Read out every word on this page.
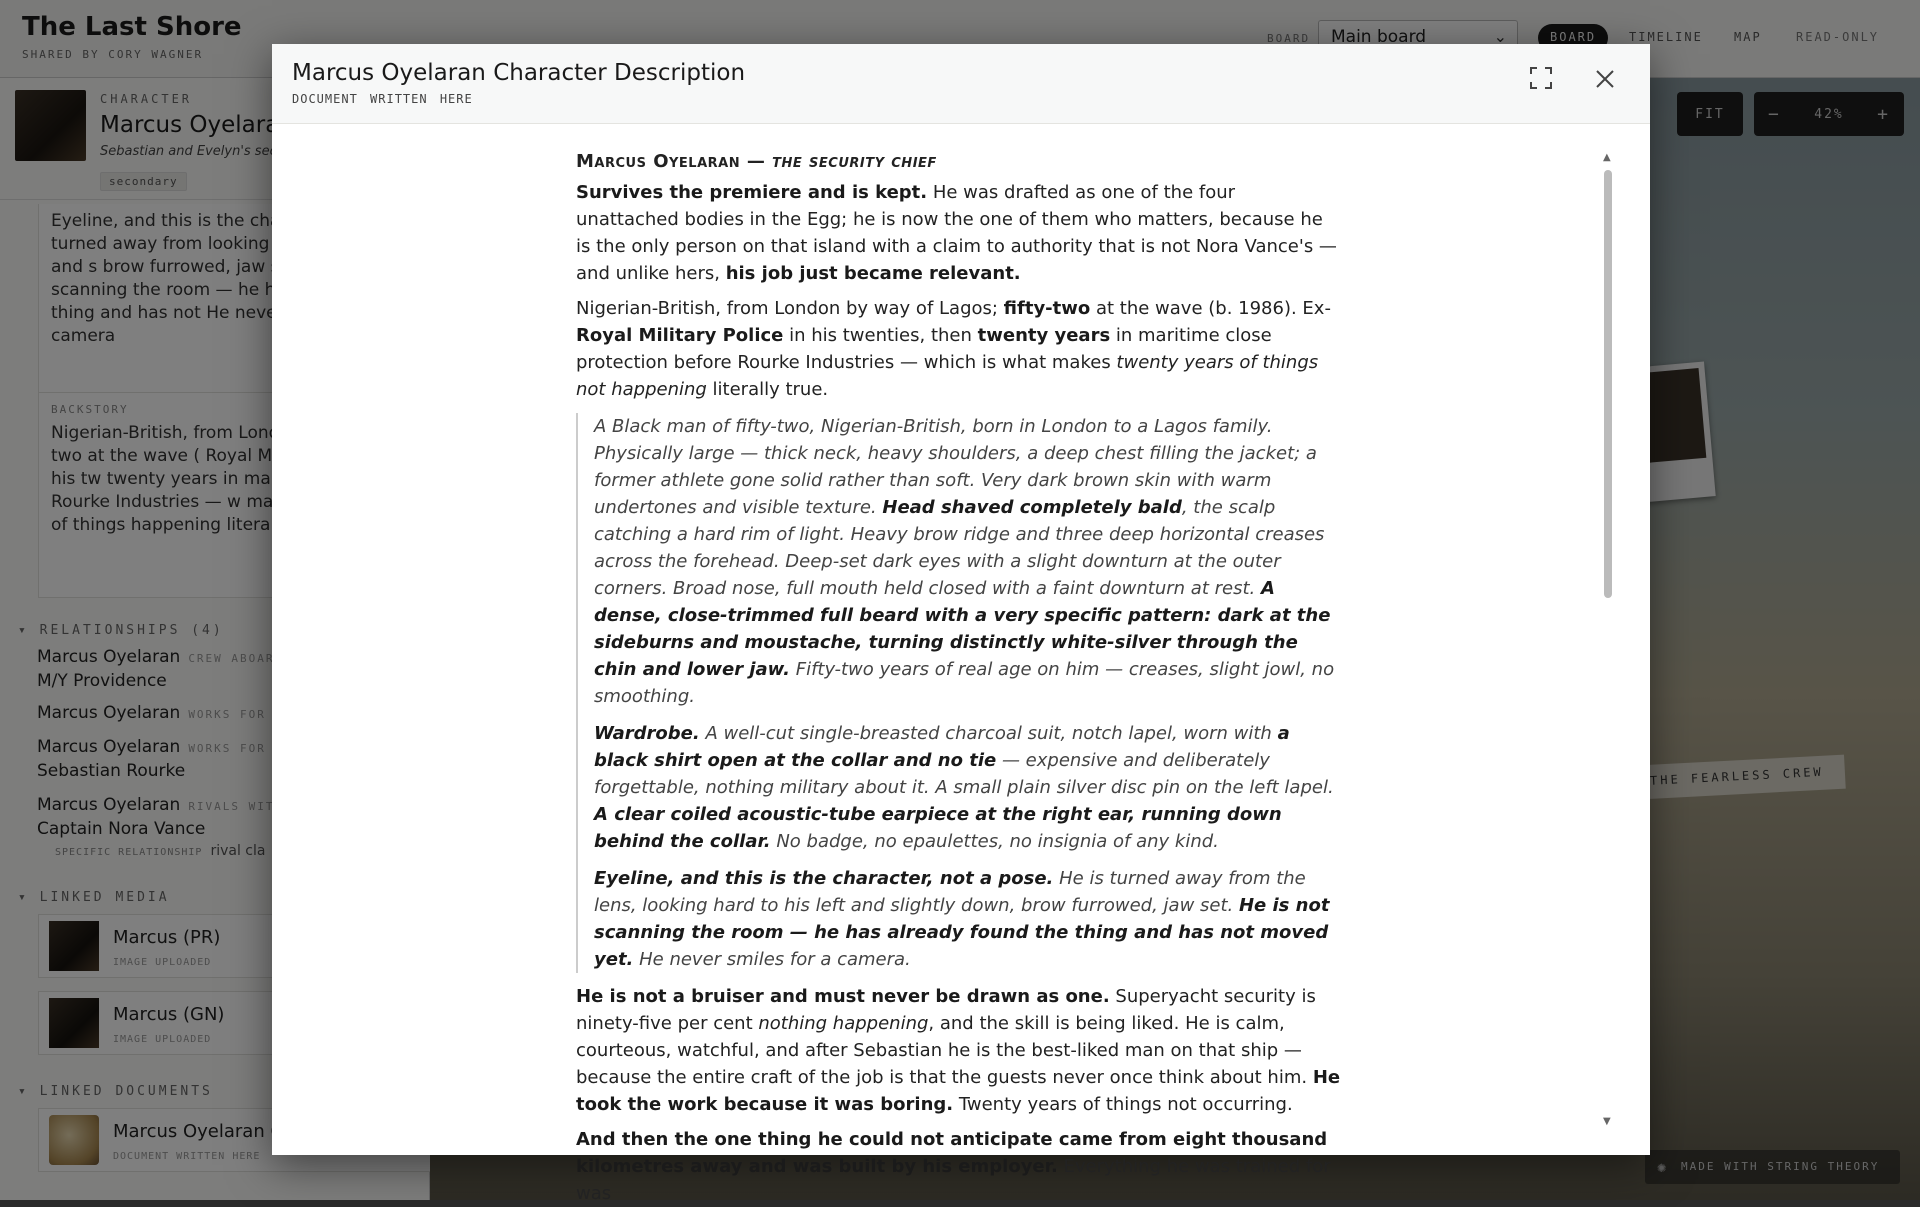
Marcus Oyelaran Character Description
DOCUMENT WRITTEN HERE

Marcus Oyelaran — the security chief

Survives the premiere and is kept. He was drafted as one of the four unattached bodies in the Egg; he is now the one of them who matters, because he is the only person on that island with a claim to authority that is not Nora Vance's — and unlike hers, his job just became relevant.

Nigerian-British, from London by way of Lagos; fifty-two at the wave (b. 1986). Ex-Royal Military Police in his twenties, then twenty years in maritime close protection before Rourke Industries — which is what makes twenty years of things not happening literally true.

A Black man of fifty-two, Nigerian-British, born in London to a Lagos family. Physically large — thick neck, heavy shoulders, a deep chest filling the jacket; a former athlete gone solid rather than soft. Very dark brown skin with warm undertones and visible texture. Head shaved completely bald, the scalp catching a hard rim of light. Heavy brow ridge and three deep horizontal creases across the forehead. Deep-set dark eyes with a slight downturn at the outer corners. Broad nose, full mouth held closed with a faint downturn at rest. A dense, close-trimmed full beard with a very specific pattern: dark at the sideburns and moustache, turning distinctly white-silver through the chin and lower jaw. Fifty-two years of real age on him — creases, slight jowl, no smoothing.

Wardrobe. A well-cut single-breasted charcoal suit, notch lapel, worn with a black shirt open at the collar and no tie — expensive and deliberately forgettable, nothing military about it. A small plain silver disc pin on the left lapel. A clear coiled acoustic-tube earpiece at the right ear, running down behind the collar. No badge, no epaulettes, no insignia of any kind.

Eyeline, and this is the character, not a pose. He is turned away from the lens, looking hard to his left and slightly down, brow furrowed, jaw set. He is not scanning the room — he has already found the thing and has not moved yet. He never smiles for a camera.

He is not a bruiser and must never be drawn as one. Superyacht security is ninety-five per cent nothing happening, and the skill is being liked. He is calm, courteous, watchful, and after Sebastian he is the best-liked man on that ship — because the entire craft of the job is that the guests never once think about him. He took the work because it was boring. Twenty years of things not occurring.

And then the one thing he could not anticipate came from eight thousand kilometres away and was built by his employer. Everything he was trained for was

▲
▼
